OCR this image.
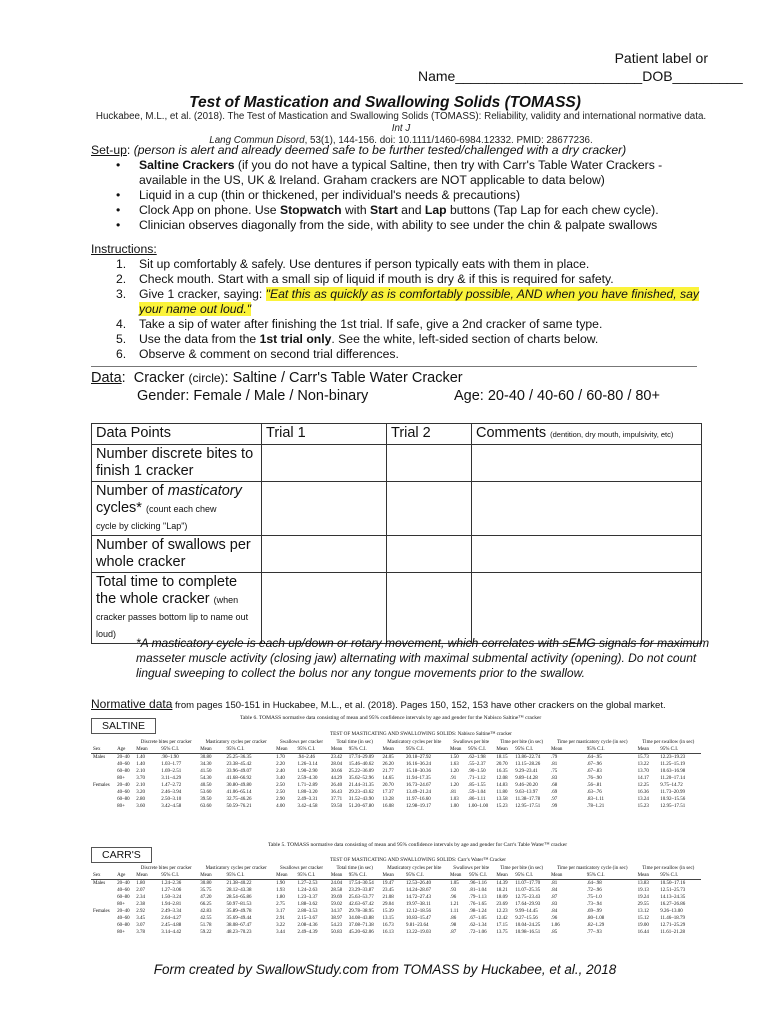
Patient label or
Name________________________DOB_________
Test of Mastication and Swallowing Solids (TOMASS)
Huckabee, M.L., et al. (2018). The Test of Mastication and Swallowing Solids (TOMASS): Reliability, validity and international normative data. Int J
Lang Commun Disord, 53(1), 144-156. doi: 10.1111/1460-6984.12332. PMID: 28677236.
Set-up: (person is alert and already deemed safe to be further tested/challenged with a dry cracker)
• Saltine Crackers (if you do not have a typical Saltine, then try with Carr's Table Water Crackers - available in the US, UK & Ireland. Graham crackers are NOT applicable to data below)
• Liquid in a cup (thin or thickened, per individual's needs & precautions)
• Clock App on phone. Use Stopwatch with Start and Lap buttons (Tap Lap for each chew cycle).
• Clinician observes diagonally from the side, with ability to see under the chin & palpate swallows
Instructions:
Sit up comfortably & safely. Use dentures if person typically eats with them in place.
Check mouth. Start with a small sip of liquid if mouth is dry & if this is required for safety.
Give 1 cracker, saying: "Eat this as quickly as is comfortably possible, AND when you have finished, say your name out loud."
Take a sip of water after finishing the 1st trial. If safe, give a 2nd cracker of same type.
Use the data from the 1st trial only. See the white, left-sided section of charts below.
Observe & comment on second trial differences.
Data:  Cracker (circle): Saltine / Carr's Table Water Cracker
Gender: Female / Male / Non-binary	Age: 20-40 / 40-60 / 60-80 / 80+
Data Points	Trial 1	Trial 2	Comments (dentition, dry mouth, impulsivity, etc)
Number discrete bites to finish 1 cracker			
Number of masticatory
cycles* (count each chew
cycle by clicking "Lap")			
Number of swallows per whole cracker			
Total time to complete the whole cracker (when
cracker passes bottom lip to name out loud)			
*A masticatory cycle is each up/down or rotary movement, which correlates with sEMG signals for maximum masseter muscle activity (closing jaw) alternating with maximal submental activity (opening). Do not count lingual sweeping to collect the bolus nor any tongue movements prior to the swallow.
Normative data from pages 150-151 in Huckabee, M.L., et al. (2018). Pages 150, 152, 153 have other crackers on the global market.
SALTINE
Table 6. TOMASS normative data consisting of mean and 95% confidence intervals by age and gender for the Nabisco Saltine™ cracker
TEST OF MASTICATING AND SWALLOWING SOLIDS: Nabisco Saltine™ cracker
		Discrete bites per cracker		Masticatory cycles per cracker		Swallows per cracker		Total time (in sec)		Masticatory cycles per bite		Swallows per bite		Time per bite (in sec)		Time per masticatory cycle (in sec)		Time per swallow (in sec)	
Sex	Age	Mean	95% C.I.	Mean	95% C.I.	Mean	95% C.I.	Mean	95% C.I.	Mean	95% C.I.	Mean	95% C.I.	Mean	95% C.I.	Mean	95% C.I.	Mean	95% C.I.
Males	20–40	1.40	.90–1.90	30.80	25.25–36.35	1.70	.94–2.46	23.42	17.74–29.09	24.05	20.18–27.92	1.50	.62–1.98	18.15	13.86–22.74	.79	.64–.95	15.73	12.23–19.23
	40–60	1.40	1.03–1.77	34.30	23.38–45.42	2.20	1.26–3.14	28.04	15.46–40.62	26.20	16.16–36.24	1.63	.55–2.37	20.70	13.15–28.26	.81	.67–.96	13.22	11.25–15.19
	60–80	2.10	1.69–2.51	41.50	33.96–49.07	2.40	1.90–2.90	30.66	25.22–36.09	21.77	15.18–30.36	1.20	.90–1.50	16.35	9.29–23.41	.75	.67–.83	13.70	10.63–16.98
	80+	3.70	3.11–4.29	54.30	41.68–66.92	3.40	2.59–4.30	44.29	35.62–52.96	14.65	11.94–17.35	.91	.71–1.12	12.08	9.89–14.28	.83	.76–.90	14.17	11.20–17.14
Females	20–40	2.10	1.47–2.72	40.50	30.80–49.80	2.50	1.71–2.89	26.40	21.44–31.35	20.70	16.73–24.67	1.20	.85–1.55	14.83	9.46–20.20	.68	.56–.81	12.25	9.75–14.72
	40–60	3.20	2.46–3.94	53.60	41.06–65.14	2.50	1.80–3.20	36.43	29.23–43.62	17.37	13.49–21.24	.81	.59–1.04	11.80	9.63–13.97	.69	.63–.76	16.36	11.73–20.99
	60–80	2.80	2.50–3.10	39.50	32.75–46.26	2.90	2.49–3.31	37.71	31.52–43.90	13.28	11.97–16.60	1.03	.86–1.11	13.58	11.38–17.78	.97	.83–1.11	13.24	10.92–15.56
	80+	3.60	3.42–4.58	63.60	50.59–76.21	4.00	3.42–4.58	59.50	51.20–67.80	16.08	12.98–19.17	1.00	1.00–1.00	15.23	12.95–17.51	.99	.78–1.21	15.23	12.95–17.51
CARR'S
Table 5. TOMASS normative data consisting of mean and 95% confidence intervals by age and gender for Carr's Table Water™ cracker
TEST OF MASTICATING AND SWALLOWING SOLIDS: Carr's Water™ Cracker
		Discrete bites per cracker		Masticatory cycles per cracker		Swallows per cracker		Total time (in sec)		Masticatory cycles per bite		Swallows per bite		Time per bite (in sec)		Time per masticatory cycle (in sec)		Time per swallow (in sec)	
Sex	Age	Mean	95% C.I.	Mean	95% C.I.	Mean	95% C.I.	Mean	95% C.I.	Mean	95% C.I.	Mean	95% C.I.	Mean	95% C.I.	Mean	95% C.I.	Mean	95% C.I.
Males	20–40	1.80	1.24–2.36	30.80	21.38–40.22	1.90	1.27–2.53	24.04	17.54–30.54	19.47	12.53–26.40	1.05	.96–1.16	14.39	11.07–17.70	.81	.64–.98	13.83	10.50–17.16
	40–60	2.07	1.27–3.06	35.75	28.12–43.38	1.93	1.24–2.63	28.58	23.29–33.87	23.45	14.24–28.67	.93	.81–1.04	18.21	11.07–25.35	.84	.72–.96	19.13	12.51–25.73
	60–80	2.34	1.50–3.24	47.20	28.54–65.86	1.80	1.23–3.37	39.69	25.63–53.77	21.08	14.72–27.43	.96	.79–1.13	18.09	12.75–23.43	.87	.75–1.0	19.24	14.13–24.35
	80+	2.38	1.94–2.81	66.25	50.97–81.53	2.75	1.88–3.62	59.02	42.63–67.42	29.04	19.97–38.11	1.21	.76–1.65	23.69	17.64–29.93	.83	.73–.94	29.55	16.27–26.86
Females	20–40	2.92	2.49–3.34	42.83	35.89–49.78	3.17	2.80–3.53	34.37	29.78–38.95	15.39	12.12–18.56	1.11	.98–1.24	12.23	9.99–14.45	.84	.69–.99	13.12	9.26–13.00
	40–60	3.45	2.64–4.27	42.55	35.69–49.44	2.91	2.15–3.67	38.97	34.08–43.88	13.15	10.83–15.47	.86	.67–1.05	12.42	9.27–15.56	.96	.80–1.08	15.12	11.46–18.79
	60–80	3.07	2.45–4.88	51.78	38.08–67.47	3.22	2.08–4.36	54.23	37.08–71.38	16.73	9.81–23.64	.98	.62–1.34	17.15	10.04–24.25	1.06	.82–1.29	19.00	12.71–25.29
	80+	3.78	3.14–4.42	59.22	48.23–70.23	3.44	2.49–4.39	50.83	45.20–62.06	16.13	13.22–19.03	.87	.72–1.06	13.75	10.98–16.51	.85	.77–.93	16.44	11.61–21.28
Form created by SwallowStudy.com from TOMASS by Huckabee, et al., 2018
